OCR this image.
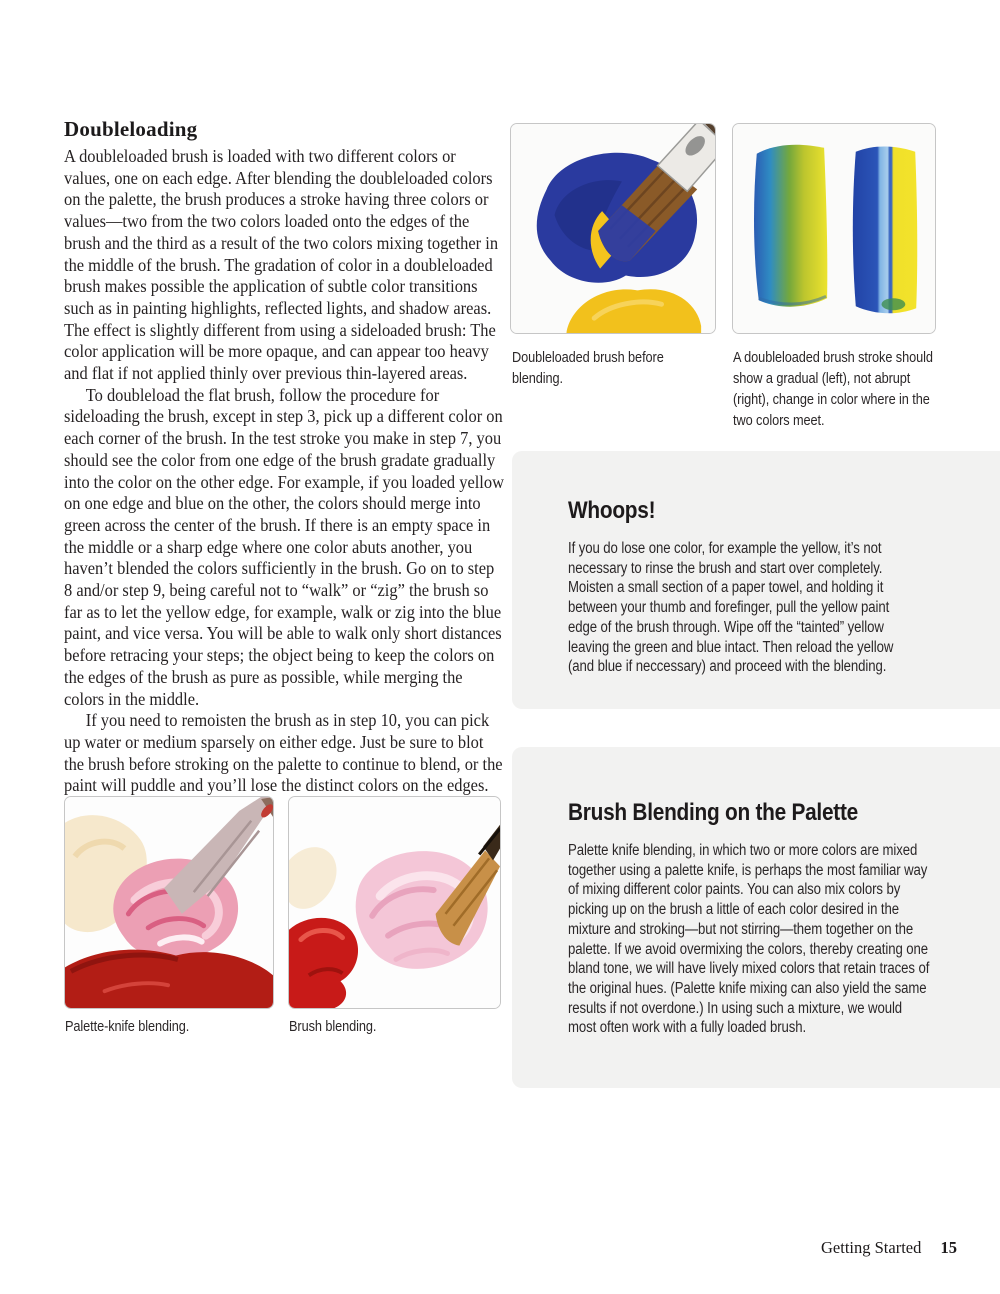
Doubleloading

A doubleloaded brush is loaded with two different colors or values, one on each edge. After blending the doubleloaded colors on the palette, the brush produces a stroke having three colors or values—two from the two colors loaded onto the edges of the brush and the third as a result of the two colors mixing together in the middle of the brush. The gradation of color in a doubleloaded brush makes possible the application of subtle color transitions such as in painting highlights, reflected lights, and shadow areas. The effect is slightly different from using a sideloaded brush: The color application will be more opaque, and can appear too heavy and flat if not applied thinly over previous thin-layered areas.

To doubleload the flat brush, follow the procedure for sideloading the brush, except in step 3, pick up a different color on each corner of the brush. In the test stroke you make in step 7, you should see the color from one edge of the brush gradate gradually into the color on the other edge. For example, if you loaded yellow on one edge and blue on the other, the colors should merge into green across the center of the brush. If there is an empty space in the middle or a sharp edge where one color abuts another, you haven’t blended the colors sufficiently in the brush. Go on to step 8 and/or step 9, being careful not to “walk” or “zig” the brush so far as to let the yellow edge, for example, walk or zig into the blue paint, and vice versa. You will be able to walk only short distances before retracing your steps; the object being to keep the colors on the edges of the brush as pure as possible, while merging the colors in the middle.

If you need to remoisten the brush as in step 10, you can pick up water or medium sparsely on either edge. Just be sure to blot the brush before stroking on the palette to continue to blend, or the paint will puddle and you’ll lose the distinct colors on the edges.

Doubleloaded brush before blending.
A doubleloaded brush stroke should show a gradual (left), not abrupt (right), change in color where in the two colors meet.
Whoops!

If you do lose one color, for example the yellow, it’s not necessary to rinse the brush and start over completely. Moisten a small section of a paper towel, and holding it between your thumb and forefinger, pull the yellow paint edge of the brush through. Wipe off the “tainted” yellow leaving the green and blue intact. Then reload the yellow (and blue if neccessary) and proceed with the blending.

Brush Blending on the Palette

Palette knife blending, in which two or more colors are mixed together using a palette knife, is perhaps the most familiar way of mixing different color paints. You can also mix colors by picking up on the brush a little of each color desired in the mixture and stroking—but not stirring—them together on the palette. If we avoid overmixing the colors, thereby creating one bland tone, we will have lively mixed colors that retain traces of the original hues. (Palette knife mixing can also yield the same results if not overdone.) In using such a mixture, we would most often work with a fully loaded brush.

Palette-knife blending.	Brush blending.
Getting Started 15
